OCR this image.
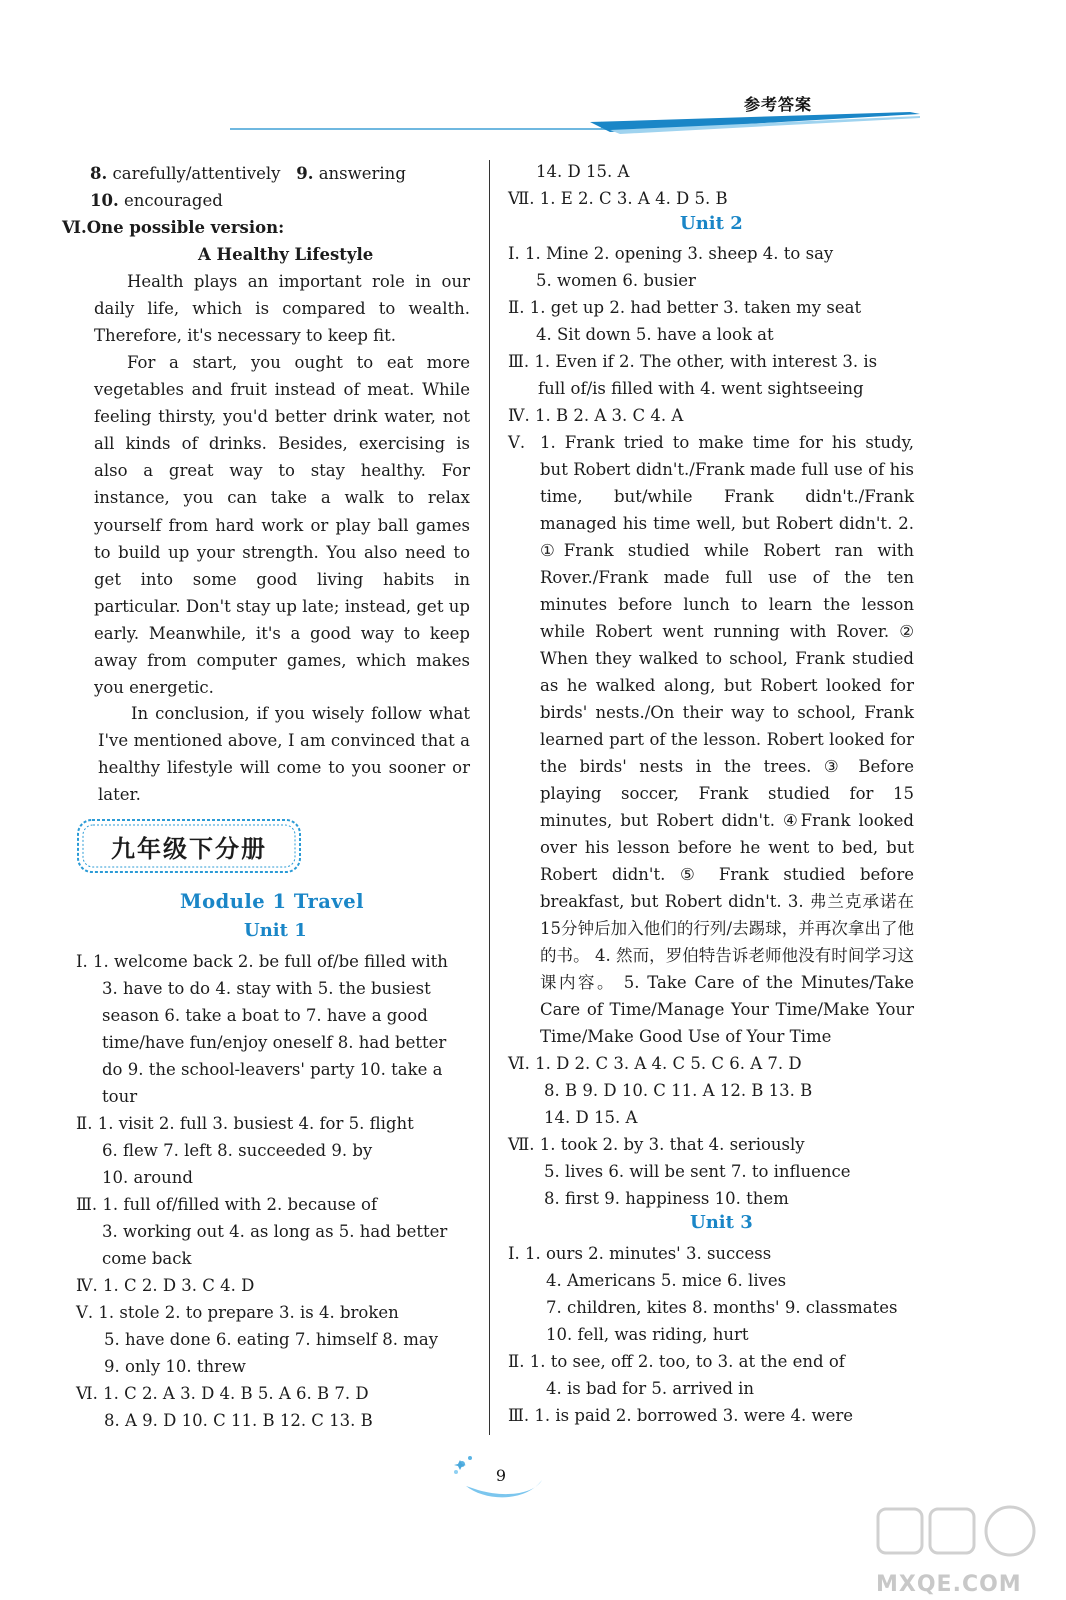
参考答案
>>>>
8. carefully/attentively 9. answering
10. encouraged
Ⅵ.One possible version:
A Healthy Lifestyle
Health plays an important role in our daily life, which is compared to wealth. Therefore, it's necessary to keep fit.
For a start, you ought to eat more vegetables and fruit instead of meat. While feeling thirsty, you'd better drink water, not all kinds of drinks. Besides, exercising is also a great way to stay healthy. For instance, you can take a walk to relax yourself from hard work or play ball games to build up your strength. You also need to get into some good living habits in particular. Don't stay up late; instead, get up early. Meanwhile, it's a good way to keep away from computer games, which makes you energetic.
In conclusion, if you wisely follow what I've mentioned above, I am convinced that a healthy lifestyle will come to you sooner or later.
九年级下分册
Module 1 Travel
Unit 1
Ⅰ. 1. welcome back 2. be full of/be filled with
3. have to do 4. stay with 5. the busiest
season 6. take a boat to 7. have a good
time/have fun/enjoy oneself 8. had better
do 9. the school-leavers' party 10. take a
tour
Ⅱ. 1. visit 2. full 3. busiest 4. for 5. flight
6. flew 7. left 8. succeeded 9. by
10. around
Ⅲ. 1. full of/filled with 2. because of
3. working out 4. as long as 5. had better
come back
Ⅳ. 1. C 2. D 3. C 4. D
Ⅴ. 1. stole 2. to prepare 3. is 4. broken
5. have done 6. eating 7. himself 8. may
9. only 10. threw
Ⅵ. 1. C 2. A 3. D 4. B 5. A 6. B 7. D
8. A 9. D 10. C 11. B 12. C 13. B
14. D 15. A
Ⅶ. 1. E 2. C 3. A 4. D 5. B
Unit 2
Ⅰ. 1. Mine 2. opening 3. sheep 4. to say
5. women 6. busier
Ⅱ. 1. get up 2. had better 3. taken my seat
4. Sit down 5. have a look at
Ⅲ. 1. Even if 2. The other, with interest 3. is
full of/is filled with 4. went sightseeing
Ⅳ. 1. B 2. A 3. C 4. A
Ⅴ. 1. Frank tried to make time for his study, but Robert didn't./Frank made full use of his time, but/while Frank didn't./Frank managed his time well, but Robert didn't. 2. ①Frank studied while Robert ran with Rover./Frank made full use of the ten minutes before lunch to learn the lesson while Robert went running with Rover. ② When they walked to school, Frank studied as he walked along, but Robert looked for birds' nests./On their way to school, Frank learned part of the lesson. Robert looked for the birds' nests in the trees. ③ Before playing soccer, Frank studied for 15 minutes, but Robert didn't. ④Frank looked over his lesson before he went to bed, but Robert didn't. ⑤ Frank studied before breakfast, but Robert didn't. 3. 弗兰克承诺在15分钟后加入他们的行列/去踢球，并再次拿出了他的书。 4. 然而，罗伯特告诉老师他没有时间学习这课内容。 5. Take Care of the Minutes/Take Care of Time/Manage Your Time/Make Your Time/Make Good Use of Your Time
Ⅵ. 1. D 2. C 3. A 4. C 5. C 6. A 7. D
8. B 9. D 10. C 11. A 12. B 13. B
14. D 15. A
Ⅶ. 1. took 2. by 3. that 4. seriously
5. lives 6. will be sent 7. to influence
8. first 9. happiness 10. them
Unit 3
Ⅰ. 1. ours 2. minutes' 3. success
4. Americans 5. mice 6. lives
7. children, kites 8. months' 9. classmates
10. fell, was riding, hurt
Ⅱ. 1. to see, off 2. too, to 3. at the end of
4. is bad for 5. arrived in
Ⅲ. 1. is paid 2. borrowed 3. were 4. were
9
MXQE.COM
